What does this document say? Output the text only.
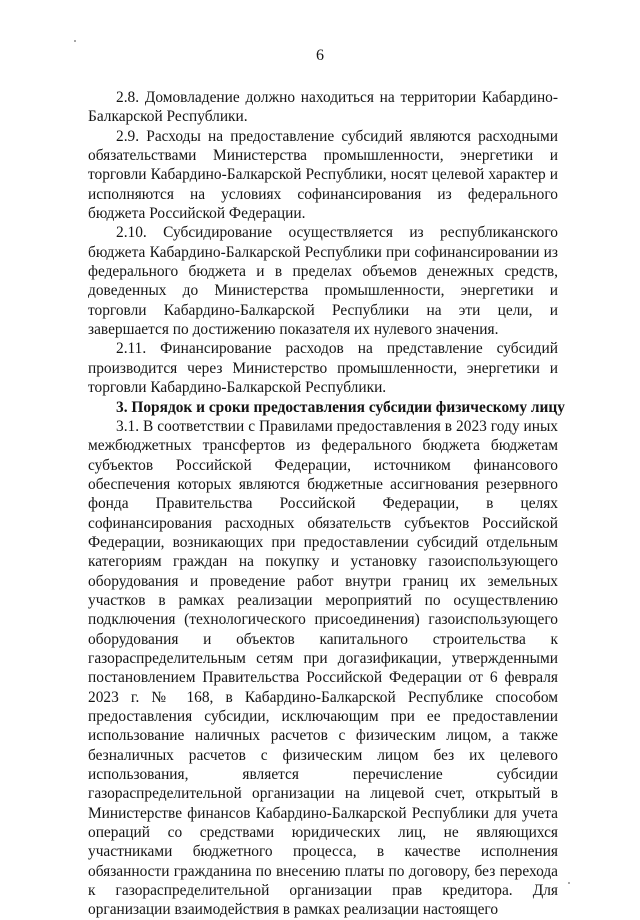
6

2.8. Домовладение должно находиться на территории Кабардино-Балкарской Республики.

2.9. Расходы на предоставление субсидий являются расходными обязательствами Министерства промышленности, энергетики и торговли Кабардино-Балкарской Республики, носят целевой характер и исполняются на условиях софинансирования из федерального бюджета Российской Федерации.

2.10. Субсидирование осуществляется из республиканского бюджета Кабардино-Балкарской Республики при софинансировании из федерального бюджета и в пределах объемов денежных средств, доведенных до Министерства промышленности, энергетики и торговли Кабардино-Балкарской Республики на эти цели, и завершается по достижению показателя их нулевого значения.

2.11. Финансирование расходов на представление субсидий производится через Министерство промышленности, энергетики и торговли Кабардино-Балкарской Республики.

3. Порядок и сроки предоставления субсидии физическому лицу

3.1. В соответствии с Правилами предоставления в 2023 году иных межбюджетных трансфертов из федерального бюджета бюджетам субъектов Российской Федерации, источником финансового обеспечения которых являются бюджетные ассигнования резервного фонда Правительства Российской Федерации, в целях софинансирования расходных обязательств субъектов Российской Федерации, возникающих при предоставлении субсидий отдельным категориям граждан на покупку и установку газоиспользующего оборудования и проведение работ внутри границ их земельных участков в рамках реализации мероприятий по осуществлению подключения (технологического присоединения) газоиспользующего оборудования и объектов капитального строительства к газораспределительным сетям при догазификации, утвержденными постановлением Правительства Российской Федерации от 6 февраля 2023 г. № 168, в Кабардино-Балкарской Республике способом предоставления субсидии, исключающим при ее предоставлении использование наличных расчетов с физическим лицом, а также безналичных расчетов с физическим лицом без их целевого использования, является перечисление субсидии газораспределительной организации на лицевой счет, открытый в Министерстве финансов Кабардино-Балкарской Республики для учета операций со средствами юридических лиц, не являющихся участниками бюджетного процесса, в качестве исполнения обязанности гражданина по внесению платы по договору, без перехода к газораспределительной организации прав кредитора. Для организации взаимодействия в рамках реализации настоящего
